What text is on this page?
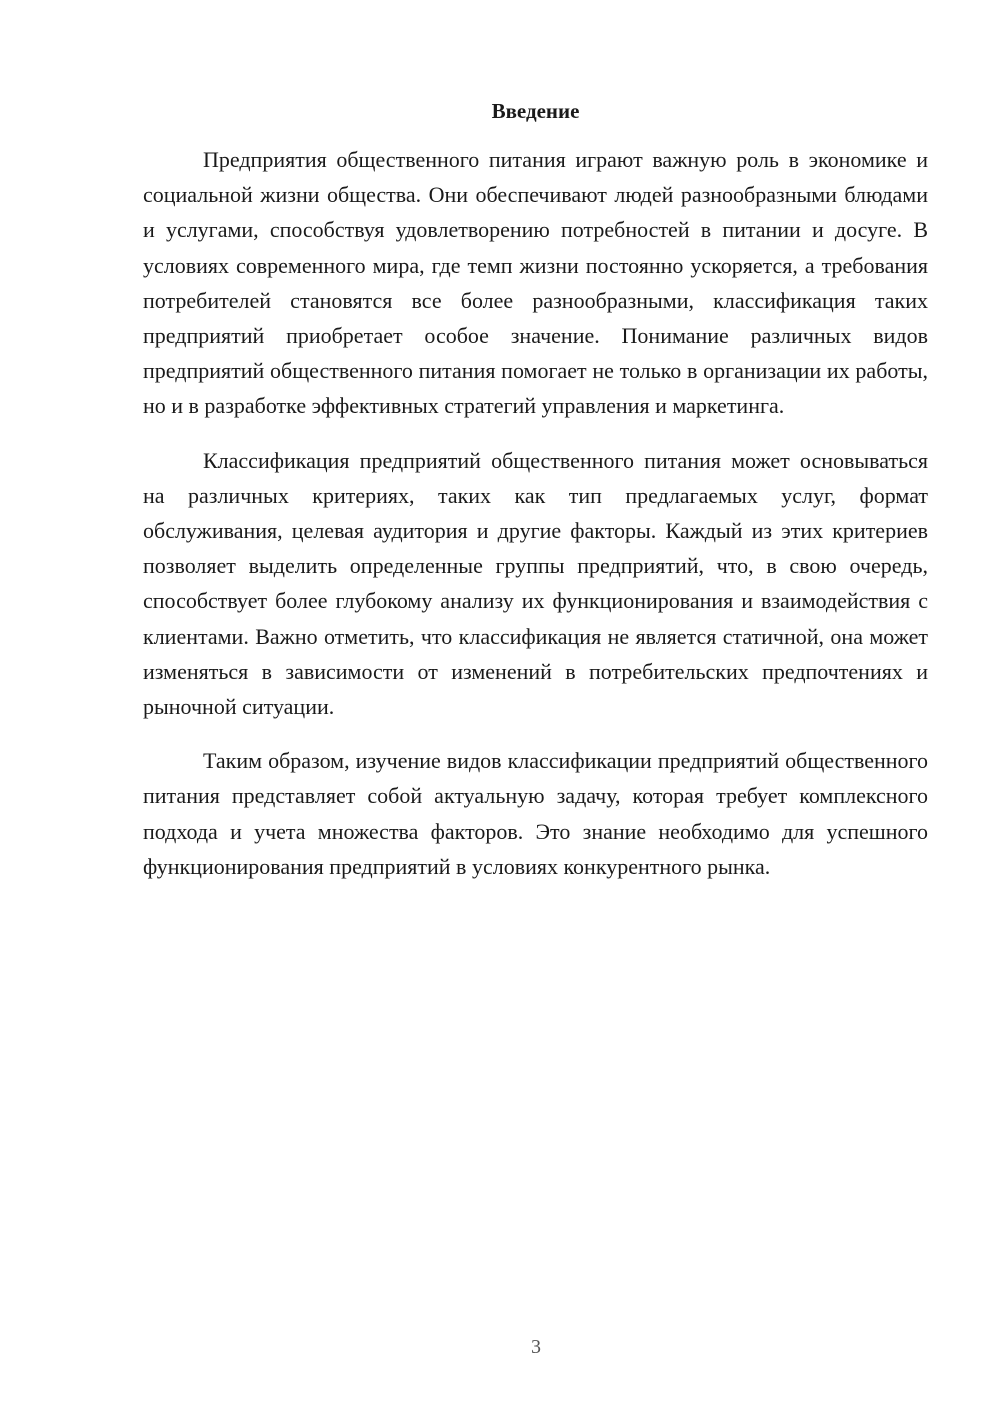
Введение

Предприятия общественного питания играют важную роль в экономике и социальной жизни общества. Они обеспечивают людей разнообразными блюдами и услугами, способствуя удовлетворению потребностей в питании и досуге. В условиях современного мира, где темп жизни постоянно ускоряется, а требования потребителей становятся все более разнообразными, классификация таких предприятий приобретает особое значение. Понимание различных видов предприятий общественного питания помогает не только в организации их работы, но и в разработке эффективных стратегий управления и маркетинга.

Классификация предприятий общественного питания может основываться на различных критериях, таких как тип предлагаемых услуг, формат обслуживания, целевая аудитория и другие факторы. Каждый из этих критериев позволяет выделить определенные группы предприятий, что, в свою очередь, способствует более глубокому анализу их функционирования и взаимодействия с клиентами. Важно отметить, что классификация не является статичной, она может изменяться в зависимости от изменений в потребительских предпочтениях и рыночной ситуации.

Таким образом, изучение видов классификации предприятий общественного питания представляет собой актуальную задачу, которая требует комплексного подхода и учета множества факторов. Это знание необходимо для успешного функционирования предприятий в условиях конкурентного рынка.

3
